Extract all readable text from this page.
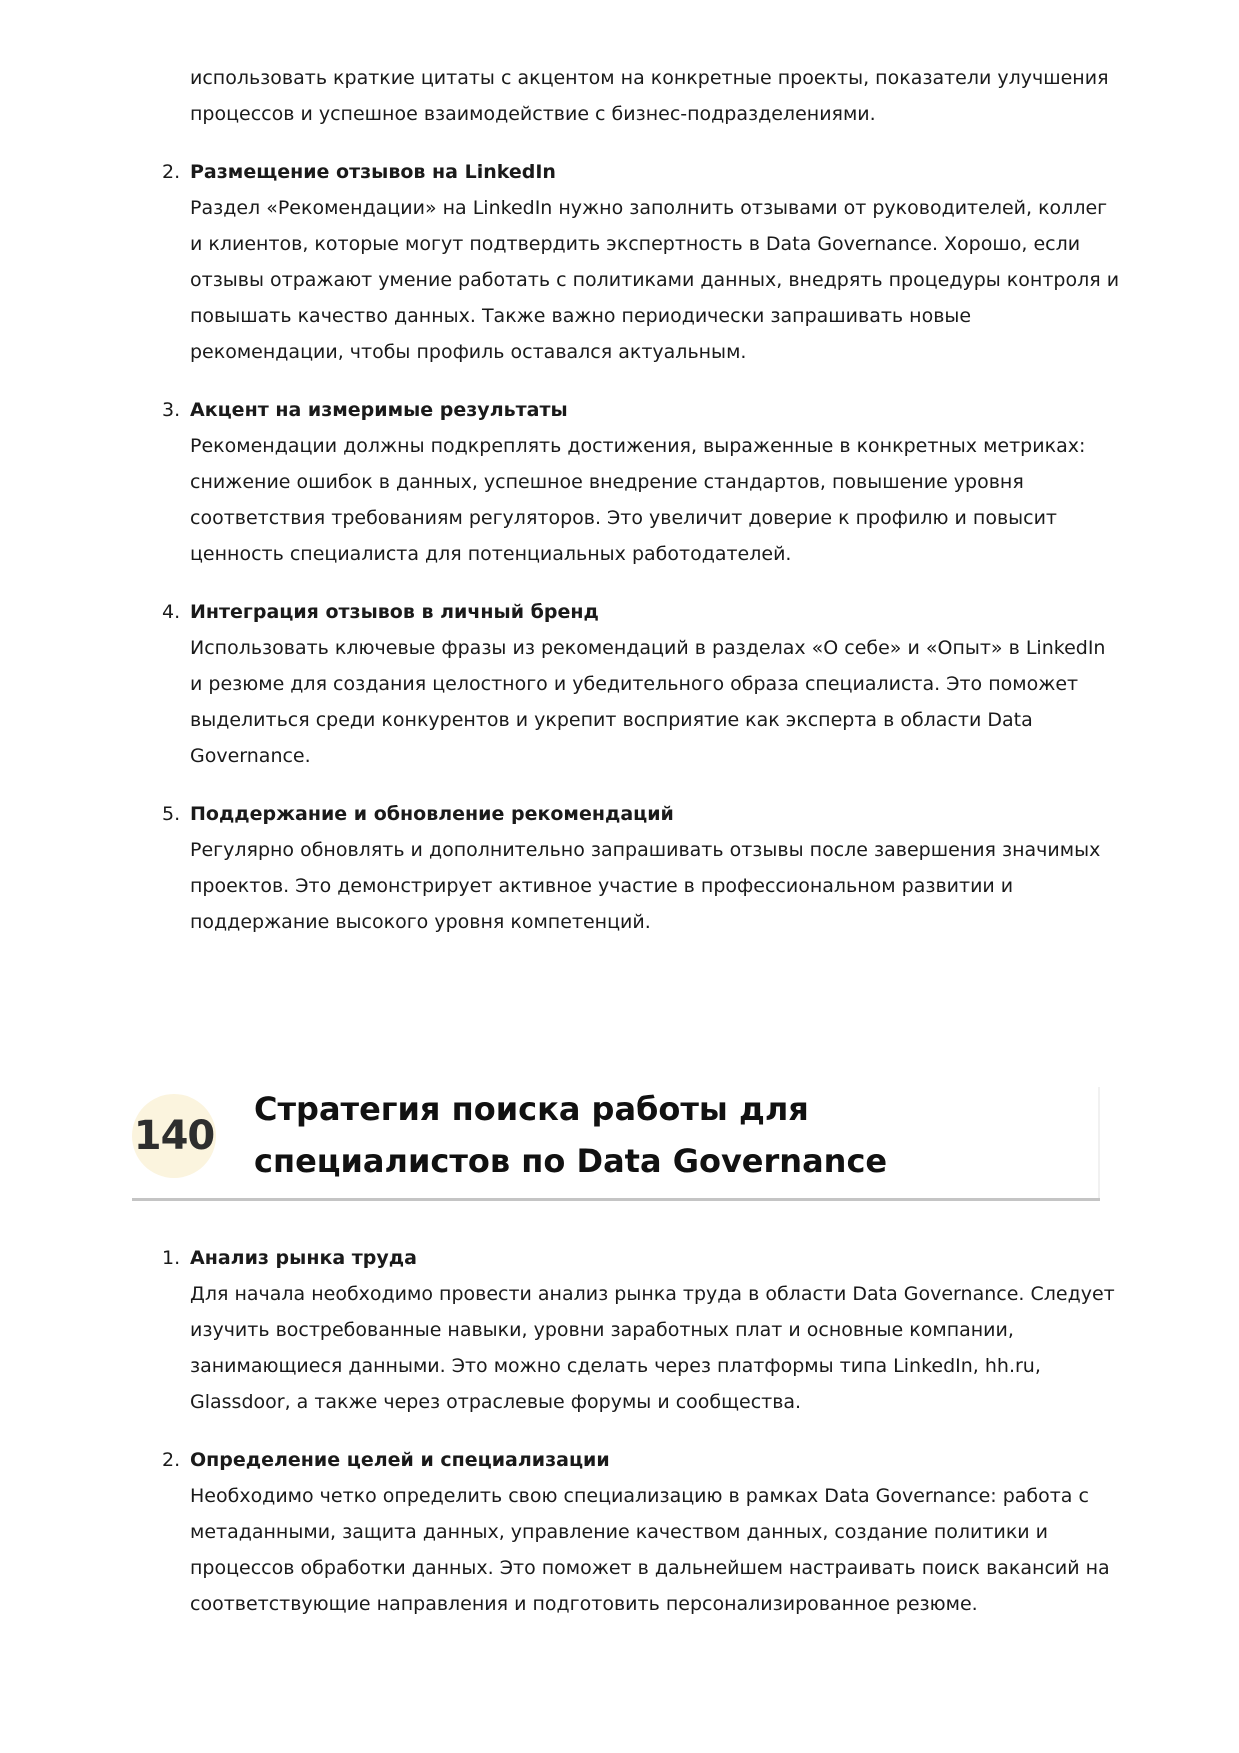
использовать краткие цитаты с акцентом на конкретные проекты, показатели улучшения процессов и успешное взаимодействие с бизнес-подразделениями.
2. Размещение отзывов на LinkedIn
Раздел «Рекомендации» на LinkedIn нужно заполнить отзывами от руководителей, коллег и клиентов, которые могут подтвердить экспертность в Data Governance. Хорошо, если отзывы отражают умение работать с политиками данных, внедрять процедуры контроля и повышать качество данных. Также важно периодически запрашивать новые рекомендации, чтобы профиль оставался актуальным.
3. Акцент на измеримые результаты
Рекомендации должны подкреплять достижения, выраженные в конкретных метриках: снижение ошибок в данных, успешное внедрение стандартов, повышение уровня соответствия требованиям регуляторов. Это увеличит доверие к профилю и повысит ценность специалиста для потенциальных работодателей.
4. Интеграция отзывов в личный бренд
Использовать ключевые фразы из рекомендаций в разделах «О себе» и «Опыт» в LinkedIn и резюме для создания целостного и убедительного образа специалиста. Это поможет выделиться среди конкурентов и укрепит восприятие как эксперта в области Data Governance.
5. Поддержание и обновление рекомендаций
Регулярно обновлять и дополнительно запрашивать отзывы после завершения значимых проектов. Это демонстрирует активное участие в профессиональном развитии и поддержание высокого уровня компетенций.
140
Стратегия поиска работы для специалистов по Data Governance
1. Анализ рынка труда
Для начала необходимо провести анализ рынка труда в области Data Governance. Следует изучить востребованные навыки, уровни заработных плат и основные компании, занимающиеся данными. Это можно сделать через платформы типа LinkedIn, hh.ru, Glassdoor, а также через отраслевые форумы и сообщества.
2. Определение целей и специализации
Необходимо четко определить свою специализацию в рамках Data Governance: работа с метаданными, защита данных, управление качеством данных, создание политики и процессов обработки данных. Это поможет в дальнейшем настраивать поиск вакансий на соответствующие направления и подготовить персонализированное резюме.
